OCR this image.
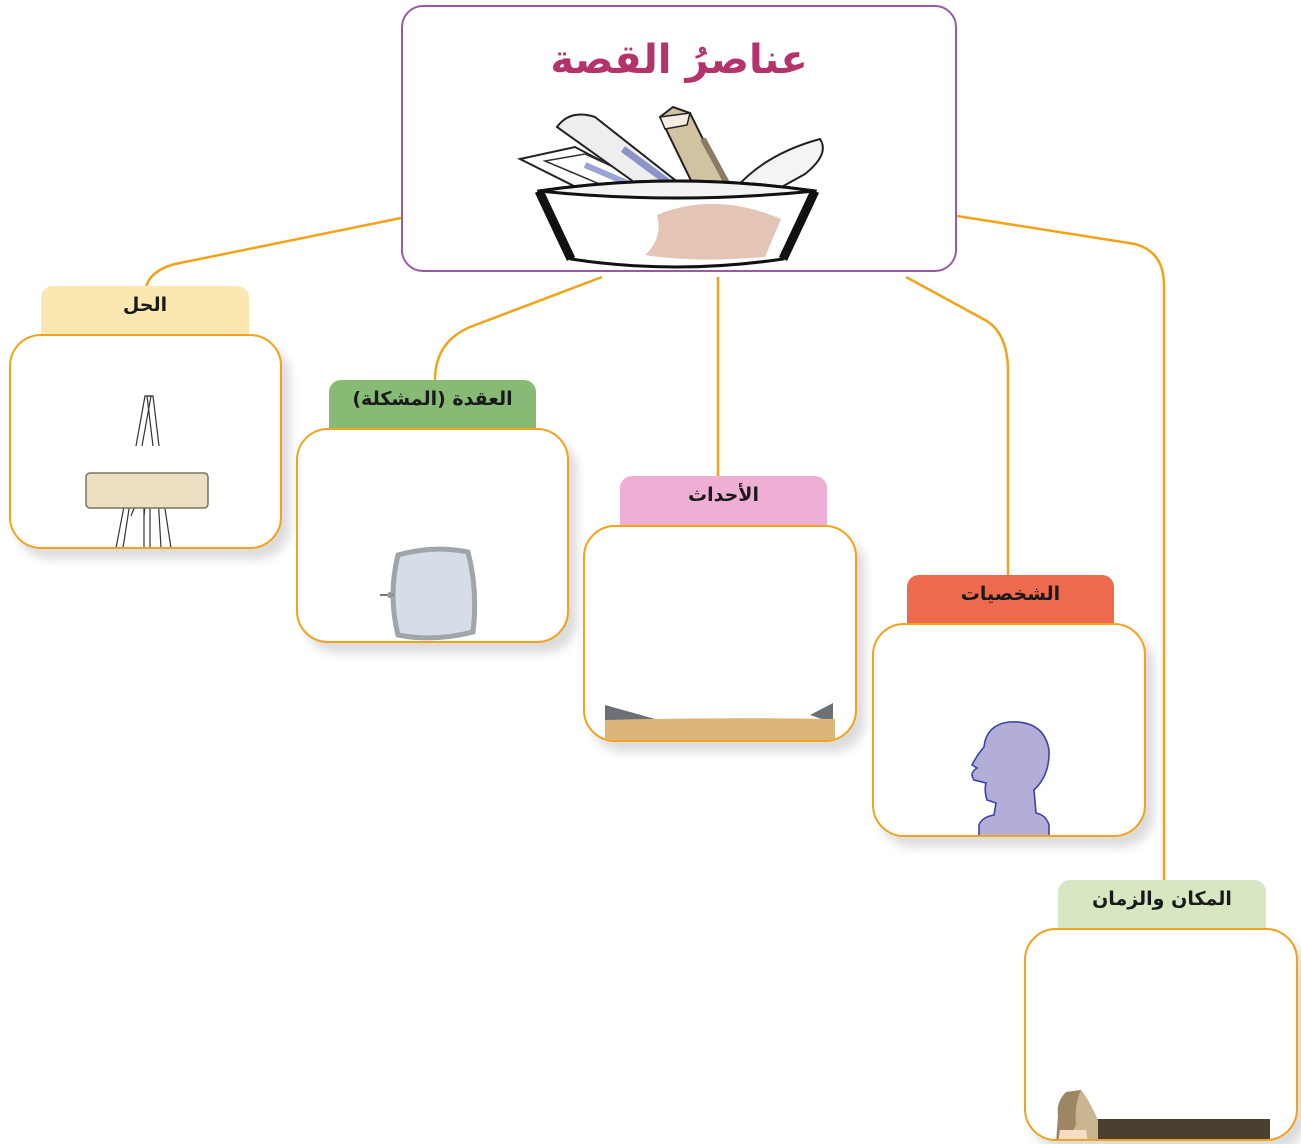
عناصرُ القصة
الحل
العقدة (المشكلة)
الأحداث
الشخصيات
المكان والزمان
